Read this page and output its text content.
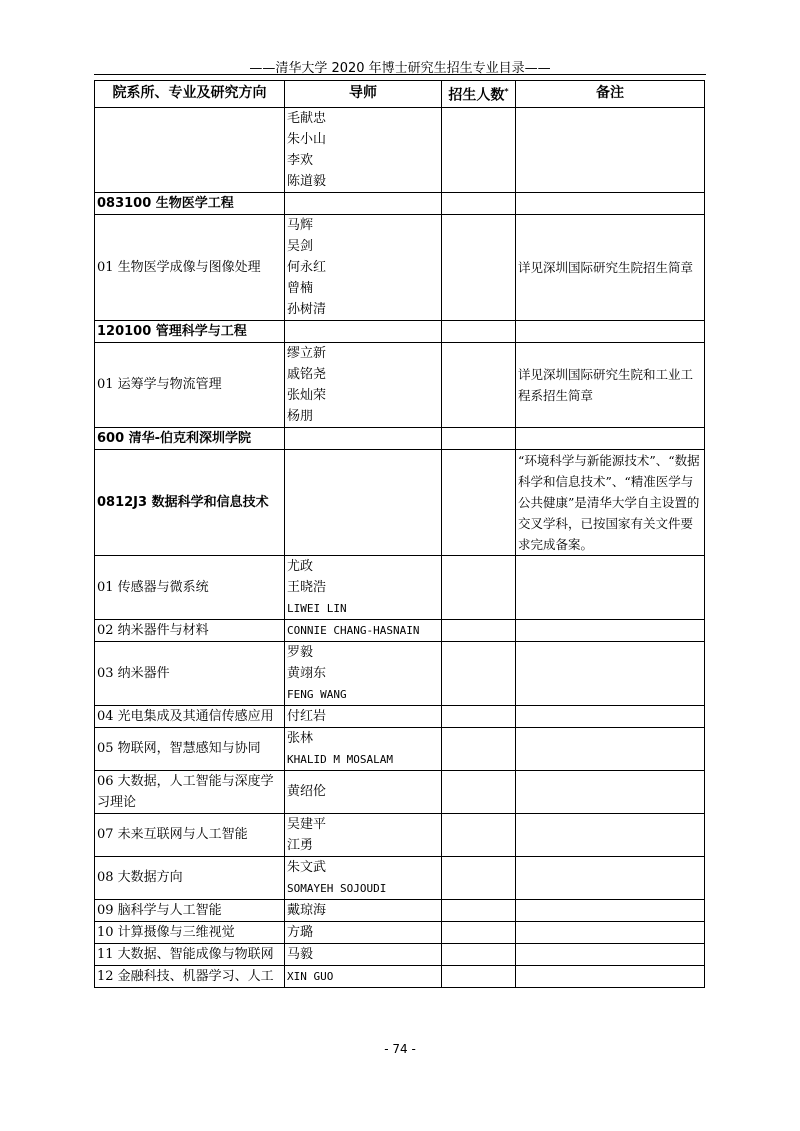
——清华大学 2020 年博士研究生招生专业目录——
院系所、专业及研究方向	导师	招生人数*	备注

	毛献忠
朱小山
李欢
陈道毅		

083100 生物医学工程			
01 生物医学成像与图像处理	马辉
吴剑
何永红
曾楠
孙树清		详见深圳国际研究生院招生简章
120100 管理科学与工程			
01 运筹学与物流管理	缪立新
戚铭尧
张灿荣
杨朋		详见深圳国际研究生院和工业工程系招生简章
600 清华-伯克利深圳学院			
0812J3 数据科学和信息技术			“环境科学与新能源技术”、“数据科学和信息技术”、“精准医学与公共健康”是清华大学自主设置的交叉学科，已按国家有关文件要求完成备案。
01 传感器与微系统	尤政
王晓浩
LIWEI LIN		

02 纳米器件与材料	CONNIE CHANG-HASNAIN		

03 纳米器件	罗毅
黄翊东
FENG WANG		

04 光电集成及其通信传感应用	付红岩		

05 物联网，智慧感知与协同	张林
KHALID M MOSALAM		

06 大数据，人工智能与深度学习理论	黄绍伦		

07 未来互联网与人工智能	吴建平
江勇		

08 大数据方向	朱文武
SOMAYEH SOJOUDI		

09 脑科学与人工智能	戴琼海		

10 计算摄像与三维视觉	方璐		

11 大数据、智能成像与物联网	马毅		

12 金融科技、机器学习、人工	XIN GUO		

- 74 -
